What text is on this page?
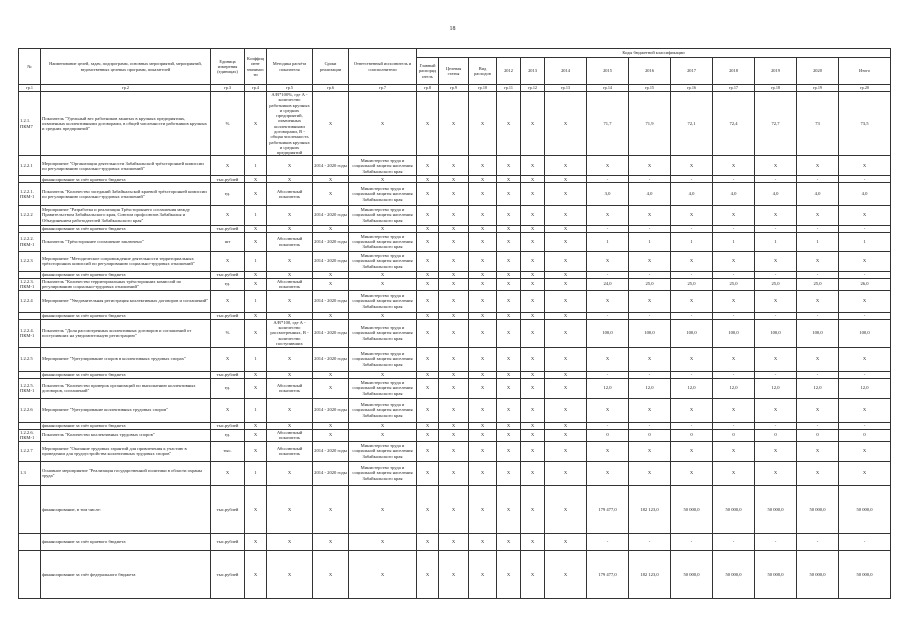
18
№	Наименование целей, задач, подпрограмм, основных мероприятий, мероприятий, ведомственных целевых программ, показателей	Единица измерения (единицах)	Коэффициент значимости	Методика расчёта показателя	Сроки реализации	Ответственный исполнитель и соисполнители	Коды бюджетной классификации													
							Главный распорядитель	Целевая статья	Вид расходов	2012	2013	2014	2015	2016	2017	2018	2019	2020	Итого	
гр.1	гр.2	гр.3	гр.4	гр.5	гр.6	гр.7	гр.8	гр.9	гр.10	гр.11	гр.12	гр.13	гр.14	гр.15	гр.16	гр.17	гр.18	гр.19	гр.20	
1.2.1. ПКМ7	Показатель "Удельный вес работников занятых в крупных предприятиях, охваченных коллективными договорами, в общей численности работников крупных и средних предприятий"	%	Х	А/В*100%, где А - количество работников крупных и средних предприятий, охваченных коллективными договорами, В - общая численность работников крупных и средних предприятий	Х	Х	Х	Х	Х	Х	Х	Х	71,7	71,9	72,1	72,4	72,7	73	73,5	
1.2.2.1	Мероприятие "Организация деятельности Забайкальской трёхсторонней комиссии по регулированию социально-трудовых отношений"	Х	1	Х	2014 - 2020 годы	Министерство труда и социальной защиты населения Забайкальского края	Х	Х	Х	Х	Х	Х	Х	Х	Х	Х	Х	Х	Х	
	финансирование за счёт краевого бюджета	тыс.рублей	Х	Х	Х	Х	Х	Х	Х	Х	Х	Х	-	-	-	-	-	-	-	
1.2.2.1. ПКМ-1	Показатель "Количество заседаний Забайкальской краевой трёхсторонней комиссии по регулированию социально-трудовых отношений"	ед.	Х	Абсолютный показатель	Х	Министерство труда и социальной защиты населения Забайкальского края	Х	Х	Х	Х	Х	Х	3,0	4,0	4,0	4,0	4,0	4,0	4,0	
1.2.2.2	Мероприятие "Разработка и реализация Трёхстороннего соглашения между Правительством Забайкальского края, Союзом профсоюзов Забайкалья и Объединением работодателей Забайкальского края"	Х	1	Х	2014 - 2020 годы	Министерство труда и социальной защиты населения Забайкальского края	Х	Х	Х	Х	Х	Х	Х	Х	Х	Х	Х	Х	Х	
	финансирование за счёт краевого бюджета	тыс.рублей	Х	Х	Х	Х	Х	Х	Х	Х	Х	Х	-	-	-	-	-	-	-	
1.2.2.2. ПКМ-1	Показатель "Трёхстороннее соглашение заключено"	шт	Х	Абсолютный показатель	2014 - 2020 годы	Министерство труда и социальной защиты населения Забайкальского края	Х	Х	Х	Х	Х	Х	1	1	1	1	1	1	1	
1.2.2.3	Мероприятие "Методическое сопровождение деятельности территориальных трёхсторонних комиссий по регулированию социально-трудовых отношений"	Х	1	Х	2014 - 2020 годы	Министерство труда и социальной защиты населения Забайкальского края	Х	Х	Х	Х	Х	Х	Х	Х	Х	Х	Х	Х	Х	
	финансирование за счёт краевого бюджета	тыс.рублей	Х	Х	Х	Х	Х	Х	Х	Х	Х	Х	-	-	-	-	-	-	-	
1.2.2.3. ПКМ-1	Показатель "Количество территориальных трёхсторонних комиссий по регулированию социально-трудовых отношений"	ед.	Х	Абсолютный показатель	Х	Х	Х	Х	Х	Х	Х	Х	24,0	25,0	25,0	25,0	25,0	25,0	26,0	
1.2.2.4	Мероприятие "Уведомительная регистрация коллективных договоров и соглашений"	Х	1	Х	2014 - 2020 годы	Министерство труда и социальной защиты населения Забайкальского края	Х	Х	Х	Х	Х	Х	Х	Х	Х	Х	Х	Х	Х	
	финансирование за счёт краевого бюджета	тыс.рублей	Х	Х	Х	Х	Х	Х	Х	Х	Х	Х	-	-	-	-	-	-	-	
1.2.2.4. ПКМ-1	Показатель "Доля рассмотренных коллективных договоров и соглашений от поступивших на уведомительную регистрацию"	%	Х	А/В*100, где А - количество рассмотренных, В - количество поступивших	2014 - 2020 годы	Министерство труда и социальной защиты населения Забайкальского края	Х	Х	Х	Х	Х	Х	100,0	100,0	100,0	100,0	100,0	100,0	100,0	
1.2.2.5	Мероприятие "Урегулирование споров в коллективных трудовых спорах"	Х	1	Х	2014 - 2020 годы	Министерство труда и социальной защиты населения Забайкальского края	Х	Х	Х	Х	Х	Х	Х	Х	Х	Х	Х	Х	Х	
	финансирование за счёт краевого бюджета	тыс.рублей	Х	Х	Х	Х	Х	Х	Х	Х	Х	Х	-	-	-	-	-	-	-	
1.2.2.5. ПКМ-1	Показатель "Количество проверок организаций по выполнению коллективных договоров, соглашений"	ед.	Х	Абсолютный показатель	Х	Министерство труда и социальной защиты населения Забайкальского края	Х	Х	Х	Х	Х	Х	12,0	12,0	12,0	12,0	12,0	12,0	12,0	
1.2.2.6	Мероприятие "Урегулирование коллективных трудовых споров"	Х	1	Х	2014 - 2020 годы	Министерство труда и социальной защиты населения Забайкальского края	Х	Х	Х	Х	Х	Х	Х	Х	Х	Х	Х	Х	Х	
	финансирование за счёт краевого бюджета	тыс.рублей	Х	Х	Х	Х	Х	Х	Х	Х	Х	Х	-	-	-	-	-	-	-	
1.2.2.6. ПКМ-1	Показатель "Количество коллективных трудовых споров"	ед.	Х	Абсолютный показатель	Х	Х	Х	Х	Х	Х	Х	Х	0	0	0	0	0	0	0	
1.2.2.7	Мероприятие "Оказание трудовых гарантий для привлечения к участию в проведении для трудоустройства коллективных трудовых споров"	тыс.	Х	Абсолютный показатель	2014 - 2020 годы	Министерство труда и социальной защиты населения Забайкальского края	Х	Х	Х	Х	Х	Х	Х	Х	Х	Х	Х	Х	Х	
1.3	Основное мероприятие "Реализация государственной политики в области охраны труда"	Х	1	Х	2014 - 2020 годы	Министерство труда и социальной защиты населения Забайкальского края	Х	Х	Х	Х	Х	Х	Х	Х	Х	Х	Х	Х	Х	
	финансирование, в том числе:	тыс.рублей	Х	Х	Х	Х	Х	Х	Х	Х	Х	Х	179 477,0	182 123,0	50 000,0	50 000,0	50 000,0	50 000,0	50 000,0	
	финансирование за счёт краевого бюджета	тыс.рублей	Х	Х	Х	Х	Х	Х	Х	Х	Х	Х	-	-	-	-	-	-	-	
	финансирование за счёт федерального бюджета	тыс.рублей	Х	Х	Х	Х	Х	Х	Х	Х	Х	Х	179 477,0	182 123,0	50 000,0	50 000,0	50 000,0	50 000,0	50 000,0	
